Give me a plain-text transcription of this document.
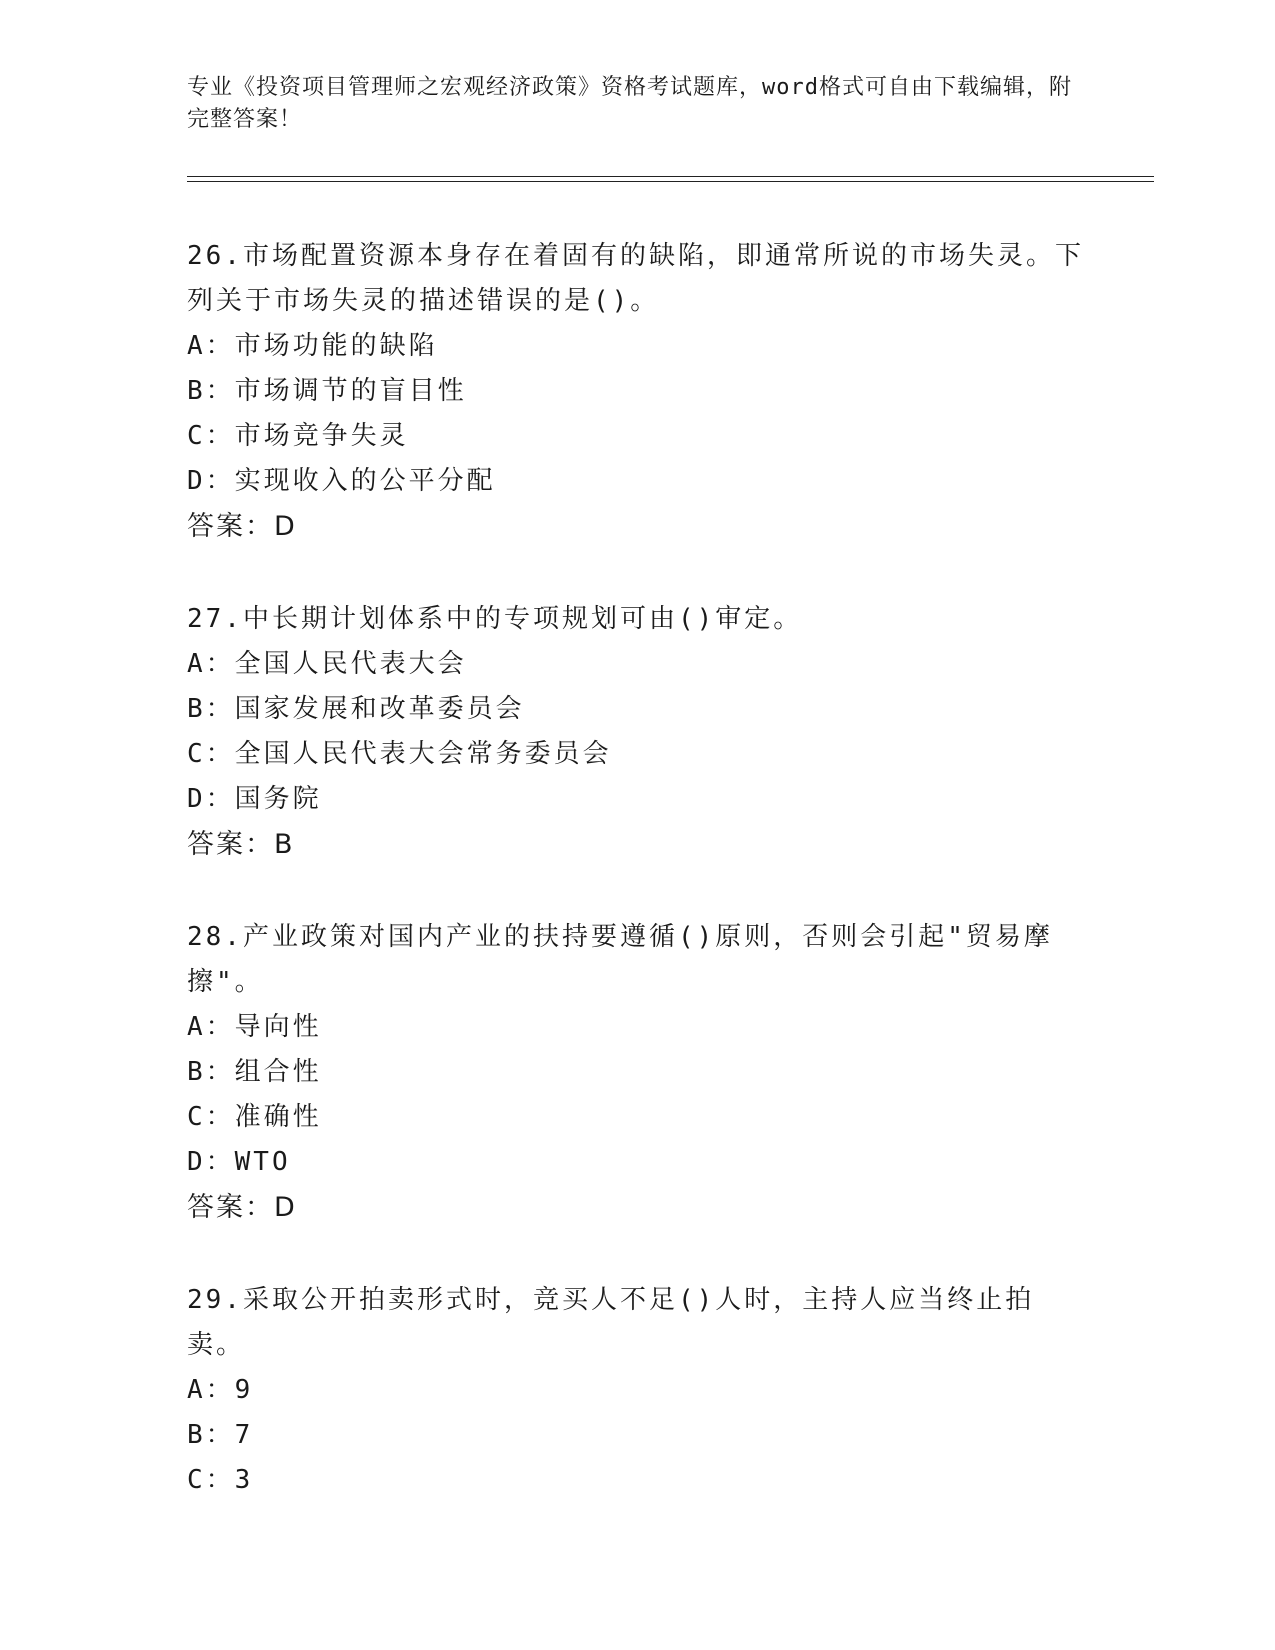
专业《投资项目管理师之宏观经济政策》资格考试题库，word格式可自由下载编辑，附完整答案！
26.市场配置资源本身存在着固有的缺陷，即通常所说的市场失灵。下列关于市场失灵的描述错误的是()。
A：市场功能的缺陷
B：市场调节的盲目性
C：市场竞争失灵
D：实现收入的公平分配
答案：D
27.中长期计划体系中的专项规划可由()审定。
A：全国人民代表大会
B：国家发展和改革委员会
C：全国人民代表大会常务委员会
D：国务院
答案：B
28.产业政策对国内产业的扶持要遵循()原则，否则会引起"贸易摩擦"。
A：导向性
B：组合性
C：准确性
D：WTO
答案：D
29.采取公开拍卖形式时，竞买人不足()人时，主持人应当终止拍卖。
A：9
B：7
C：3
